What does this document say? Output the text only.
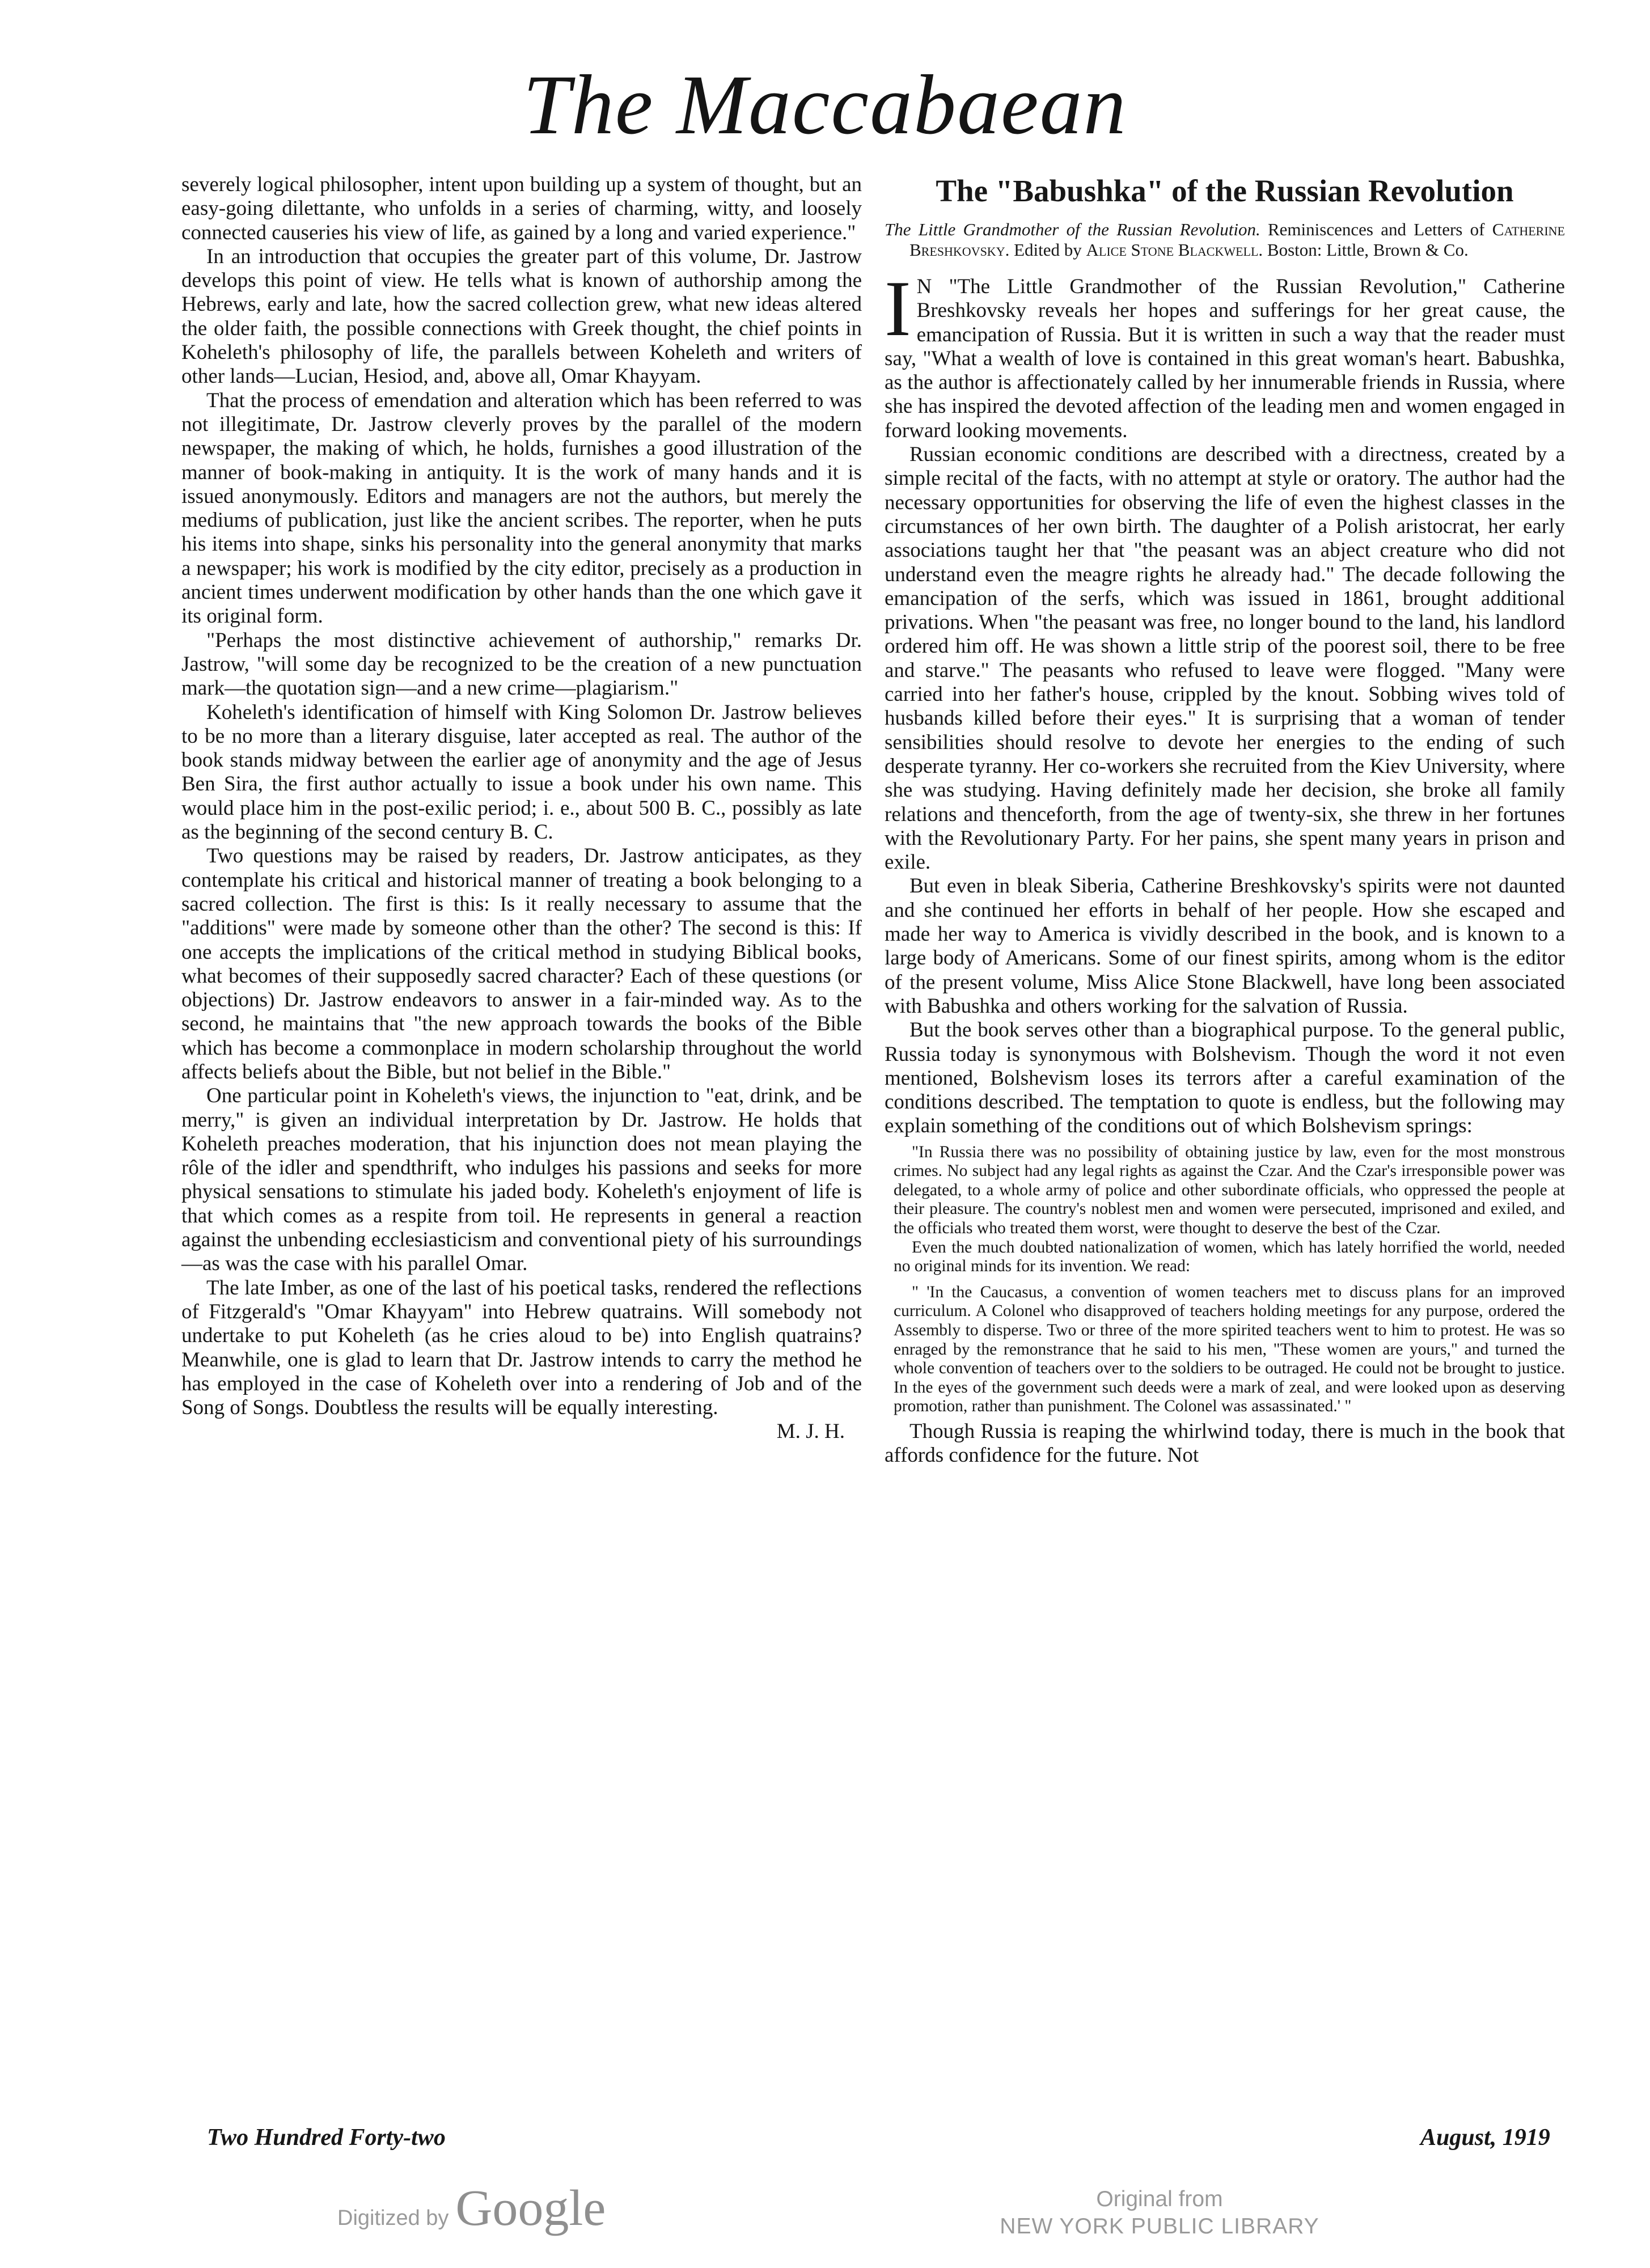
The Maccabaean

severely logical philosopher, intent upon building up a system of thought, but an easy-going dilettante, who unfolds in a series of charming, witty, and loosely connected causeries his view of life, as gained by a long and varied experience."

In an introduction that occupies the greater part of this volume, Dr. Jastrow develops this point of view. He tells what is known of authorship among the Hebrews, early and late, how the sacred collection grew, what new ideas altered the older faith, the possible connections with Greek thought, the chief points in Koheleth's philosophy of life, the parallels between Koheleth and writers of other lands—Lucian, Hesiod, and, above all, Omar Khayyam.

That the process of emendation and alteration which has been referred to was not illegitimate, Dr. Jastrow cleverly proves by the parallel of the modern newspaper, the making of which, he holds, furnishes a good illustration of the manner of book-making in antiquity. It is the work of many hands and it is issued anonymously. Editors and managers are not the authors, but merely the mediums of publication, just like the ancient scribes. The reporter, when he puts his items into shape, sinks his personality into the general anonymity that marks a newspaper; his work is modified by the city editor, precisely as a production in ancient times underwent modification by other hands than the one which gave it its original form.

"Perhaps the most distinctive achievement of authorship," remarks Dr. Jastrow, "will some day be recognized to be the creation of a new punctuation mark—the quotation sign—and a new crime—plagiarism."

Koheleth's identification of himself with King Solomon Dr. Jastrow believes to be no more than a literary disguise, later accepted as real. The author of the book stands midway between the earlier age of anonymity and the age of Jesus Ben Sira, the first author actually to issue a book under his own name. This would place him in the post-exilic period; i. e., about 500 B. C., possibly as late as the beginning of the second century B. C.

Two questions may be raised by readers, Dr. Jastrow anticipates, as they contemplate his critical and historical manner of treating a book belonging to a sacred collection. The first is this: Is it really necessary to assume that the "additions" were made by someone other than the other? The second is this: If one accepts the implications of the critical method in studying Biblical books, what becomes of their supposedly sacred character? Each of these questions (or objections) Dr. Jastrow endeavors to answer in a fair-minded way. As to the second, he maintains that "the new approach towards the books of the Bible which has become a commonplace in modern scholarship throughout the world affects beliefs about the Bible, but not belief in the Bible."

One particular point in Koheleth's views, the injunction to "eat, drink, and be merry," is given an individual interpretation by Dr. Jastrow. He holds that Koheleth preaches moderation, that his injunction does not mean playing the rôle of the idler and spendthrift, who indulges his passions and seeks for more physical sensations to stimulate his jaded body. Koheleth's enjoyment of life is that which comes as a respite from toil. He represents in general a reaction against the unbending ecclesiasticism and conventional piety of his surroundings—as was the case with his parallel Omar.

The late Imber, as one of the last of his poetical tasks, rendered the reflections of Fitzgerald's "Omar Khayyam" into Hebrew quatrains. Will somebody not undertake to put Koheleth (as he cries aloud to be) into English quatrains? Meanwhile, one is glad to learn that Dr. Jastrow intends to carry the method he has employed in the case of Koheleth over into a rendering of Job and of the Song of Songs. Doubtless the results will be equally interesting.

M. J. H.

The "Babushka" of the Russian Revolution

The Little Grandmother of the Russian Revolution. Reminiscences and Letters of Catherine Breshkovsky. Edited by Alice Stone Blackwell. Boston: Little, Brown & Co.

I N "The Little Grandmother of the Russian Revolution," Catherine Breshkovsky reveals her hopes and sufferings for her great cause, the emancipation of Russia. But it is written in such a way that the reader must say, "What a wealth of love is contained in this great woman's heart. Babushka, as the author is affectionately called by her innumerable friends in Russia, where she has inspired the devoted affection of the leading men and women engaged in forward looking movements.

Russian economic conditions are described with a directness, created by a simple recital of the facts, with no attempt at style or oratory. The author had the necessary opportunities for observing the life of even the highest classes in the circumstances of her own birth. The daughter of a Polish aristocrat, her early associations taught her that "the peasant was an abject creature who did not understand even the meagre rights he already had." The decade following the emancipation of the serfs, which was issued in 1861, brought additional privations. When "the peasant was free, no longer bound to the land, his landlord ordered him off. He was shown a little strip of the poorest soil, there to be free and starve." The peasants who refused to leave were flogged. "Many were carried into her father's house, crippled by the knout. Sobbing wives told of husbands killed before their eyes." It is surprising that a woman of tender sensibilities should resolve to devote her energies to the ending of such desperate tyranny. Her co-workers she recruited from the Kiev University, where she was studying. Having definitely made her decision, she broke all family relations and thenceforth, from the age of twenty-six, she threw in her fortunes with the Revolutionary Party. For her pains, she spent many years in prison and exile.

But even in bleak Siberia, Catherine Breshkovsky's spirits were not daunted and she continued her efforts in behalf of her people. How she escaped and made her way to America is vividly described in the book, and is known to a large body of Americans. Some of our finest spirits, among whom is the editor of the present volume, Miss Alice Stone Blackwell, have long been associated with Babushka and others working for the salvation of Russia.

But the book serves other than a biographical purpose. To the general public, Russia today is synonymous with Bolshevism. Though the word it not even mentioned, Bolshevism loses its terrors after a careful examination of the conditions described. The temptation to quote is endless, but the following may explain something of the conditions out of which Bolshevism springs:

"In Russia there was no possibility of obtaining justice by law, even for the most monstrous crimes. No subject had any legal rights as against the Czar. And the Czar's irresponsible power was delegated, to a whole army of police and other subordinate officials, who oppressed the people at their pleasure. The country's noblest men and women were persecuted, imprisoned and exiled, and the officials who treated them worst, were thought to deserve the best of the Czar.

Even the much doubted nationalization of women, which has lately horrified the world, needed no original minds for its invention. We read:

" 'In the Caucasus, a convention of women teachers met to discuss plans for an improved curriculum. A Colonel who disapproved of teachers holding meetings for any purpose, ordered the Assembly to disperse. Two or three of the more spirited teachers went to him to protest. He was so enraged by the remonstrance that he said to his men, "These women are yours," and turned the whole convention of teachers over to the soldiers to be outraged. He could not be brought to justice. In the eyes of the government such deeds were a mark of zeal, and were looked upon as deserving promotion, rather than punishment. The Colonel was assassinated.' "

Though Russia is reaping the whirlwind today, there is much in the book that affords confidence for the future. Not

Two Hundred Forty-two	August, 1919
Digitized by Google	Original from
NEW YORK PUBLIC LIBRARY
